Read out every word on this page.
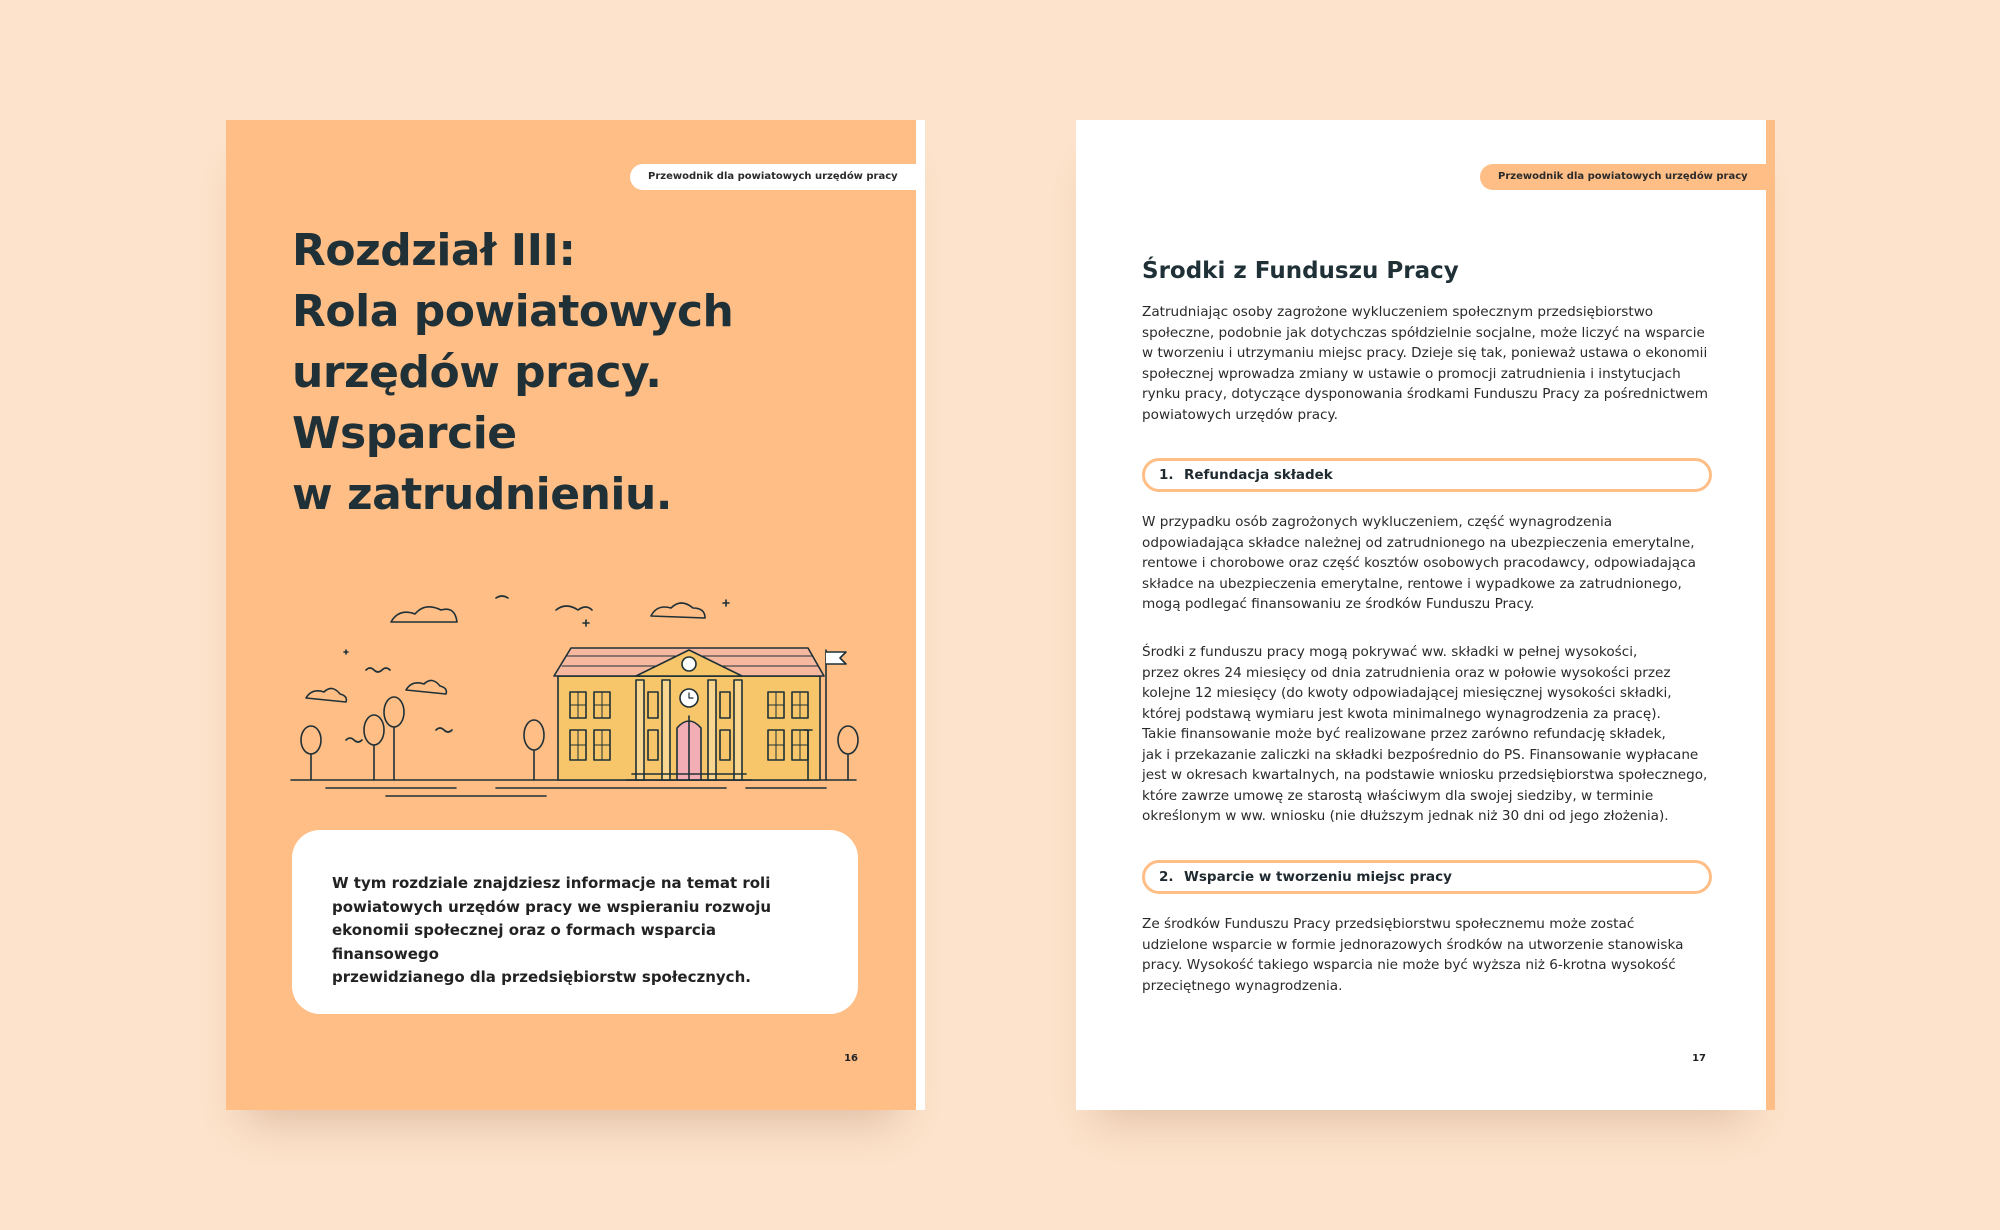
Przewodnik dla powiatowych urzędów pracy
Rozdział III:
Rola powiatowych
urzędów pracy.
Wsparcie
w zatrudnieniu.

W tym rozdziale znajdziesz informacje na temat roli

powiatowych urzędów pracy we wspieraniu rozwoju

ekonomii społecznej oraz o formach wsparcia finansowego

przewidzianego dla przedsiębiorstw społecznych.

16
Przewodnik dla powiatowych urzędów pracy
Środki z Funduszu Pracy
Zatrudniając osoby zagrożone wykluczeniem społecznym przedsiębiorstwo
społeczne, podobnie jak dotychczas spółdzielnie socjalne, może liczyć na wsparcie
w tworzeniu i utrzymaniu miejsc pracy. Dzieje się tak, ponieważ ustawa o ekonomii
społecznej wprowadza zmiany w ustawie o promocji zatrudnienia i instytucjach
rynku pracy, dotyczące dysponowania środkami Funduszu Pracy za pośrednictwem
powiatowych urzędów pracy.
1. Refundacja składek
W przypadku osób zagrożonych wykluczeniem, część wynagrodzenia
odpowiadająca składce należnej od zatrudnionego na ubezpieczenia emerytalne,
rentowe i chorobowe oraz część kosztów osobowych pracodawcy, odpowiadająca
składce na ubezpieczenia emerytalne, rentowe i wypadkowe za zatrudnionego,
mogą podlegać finansowaniu ze środków Funduszu Pracy.
Środki z funduszu pracy mogą pokrywać ww. składki w pełnej wysokości,
przez okres 24 miesięcy od dnia zatrudnienia oraz w połowie wysokości przez
kolejne 12 miesięcy (do kwoty odpowiadającej miesięcznej wysokości składki,
której podstawą wymiaru jest kwota minimalnego wynagrodzenia za pracę).
Takie finansowanie może być realizowane przez zarówno refundację składek,
jak i przekazanie zaliczki na składki bezpośrednio do PS. Finansowanie wypłacane
jest w okresach kwartalnych, na podstawie wniosku przedsiębiorstwa społecznego,
które zawrze umowę ze starostą właściwym dla swojej siedziby, w terminie
określonym w ww. wniosku (nie dłuższym jednak niż 30 dni od jego złożenia).
2. Wsparcie w tworzeniu miejsc pracy
Ze środków Funduszu Pracy przedsiębiorstwu społecznemu może zostać
udzielone wsparcie w formie jednorazowych środków na utworzenie stanowiska
pracy. Wysokość takiego wsparcia nie może być wyższa niż 6-krotna wysokość
przeciętnego wynagrodzenia.
17
